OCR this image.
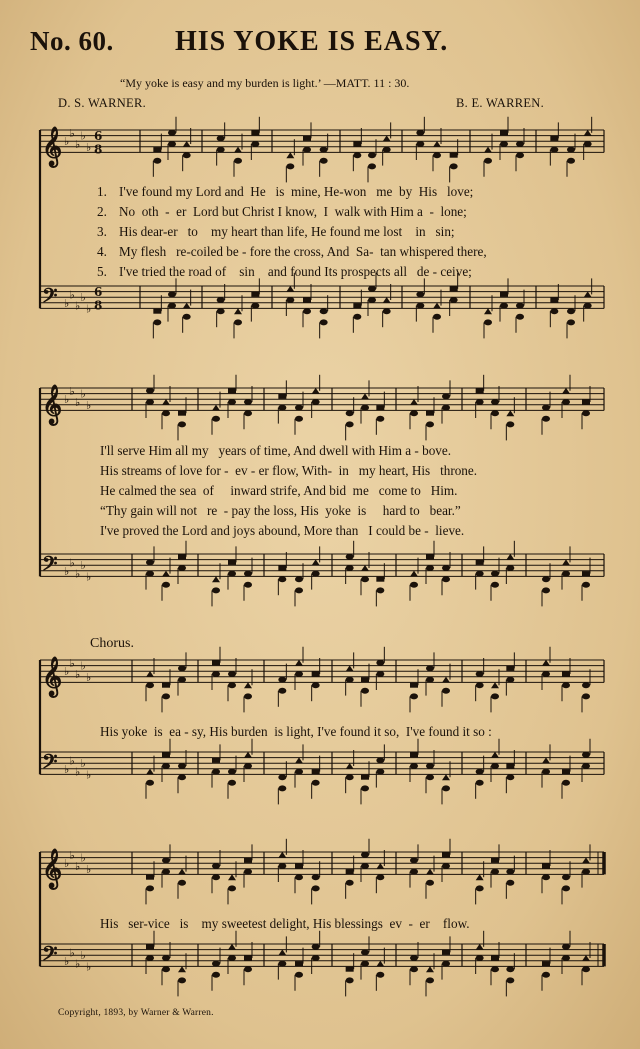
No. 60. HIS YOKE IS EASY.
“My yoke is easy and my burden is light.’ —MATT. 11 : 30.
D. S. WARNER.	B. E. WARREN.
𝄞 ♭
♭
♭
♭
♭
6
8
𝄢 ♭
♭
♭
♭
♭
6
8
𝄞 ♭
♭
♭
♭
♭
𝄢 ♭
♭
♭
♭
♭
𝄞 ♭
♭
♭
♭
♭
𝄢 ♭
♭
♭
♭
♭
𝄞 ♭
♭
♭
♭
♭
𝄢 ♭
♭
♭
♭
♭
1. I've found my Lord and  He   is  mine, He-won   me  by  His   love;
2. No  oth  -  er  Lord but Christ I know,  I  walk with Him a  -  lone;
3. His dear-er   to    my heart than life, He found me lost    in   sin;
4. My flesh   re-coiled be - fore the cross, And  Sa-  tan whispered there,
5. I've tried the road of    sin    and found Its prospects all   de - ceive;
I'll serve Him all my   years of time, And dwell with Him a - bove.
His streams of love for -  ev - er flow, With-  in   my heart, His   throne.
He calmed the sea  of     inward strife, And bid  me   come to   Him.
“Thy gain will not   re  - pay the loss, His  yoke  is     hard to   bear.”
I've proved the Lord and joys abound, More than   I could be -  lieve.
Chorus.
His yoke  is  ea - sy, His burden  is light, I've found it so,  I've found it so :
His   ser-vice   is    my sweetest delight, His blessings  ev  -  er    flow.
Copyright, 1893, by Warner & Warren.
